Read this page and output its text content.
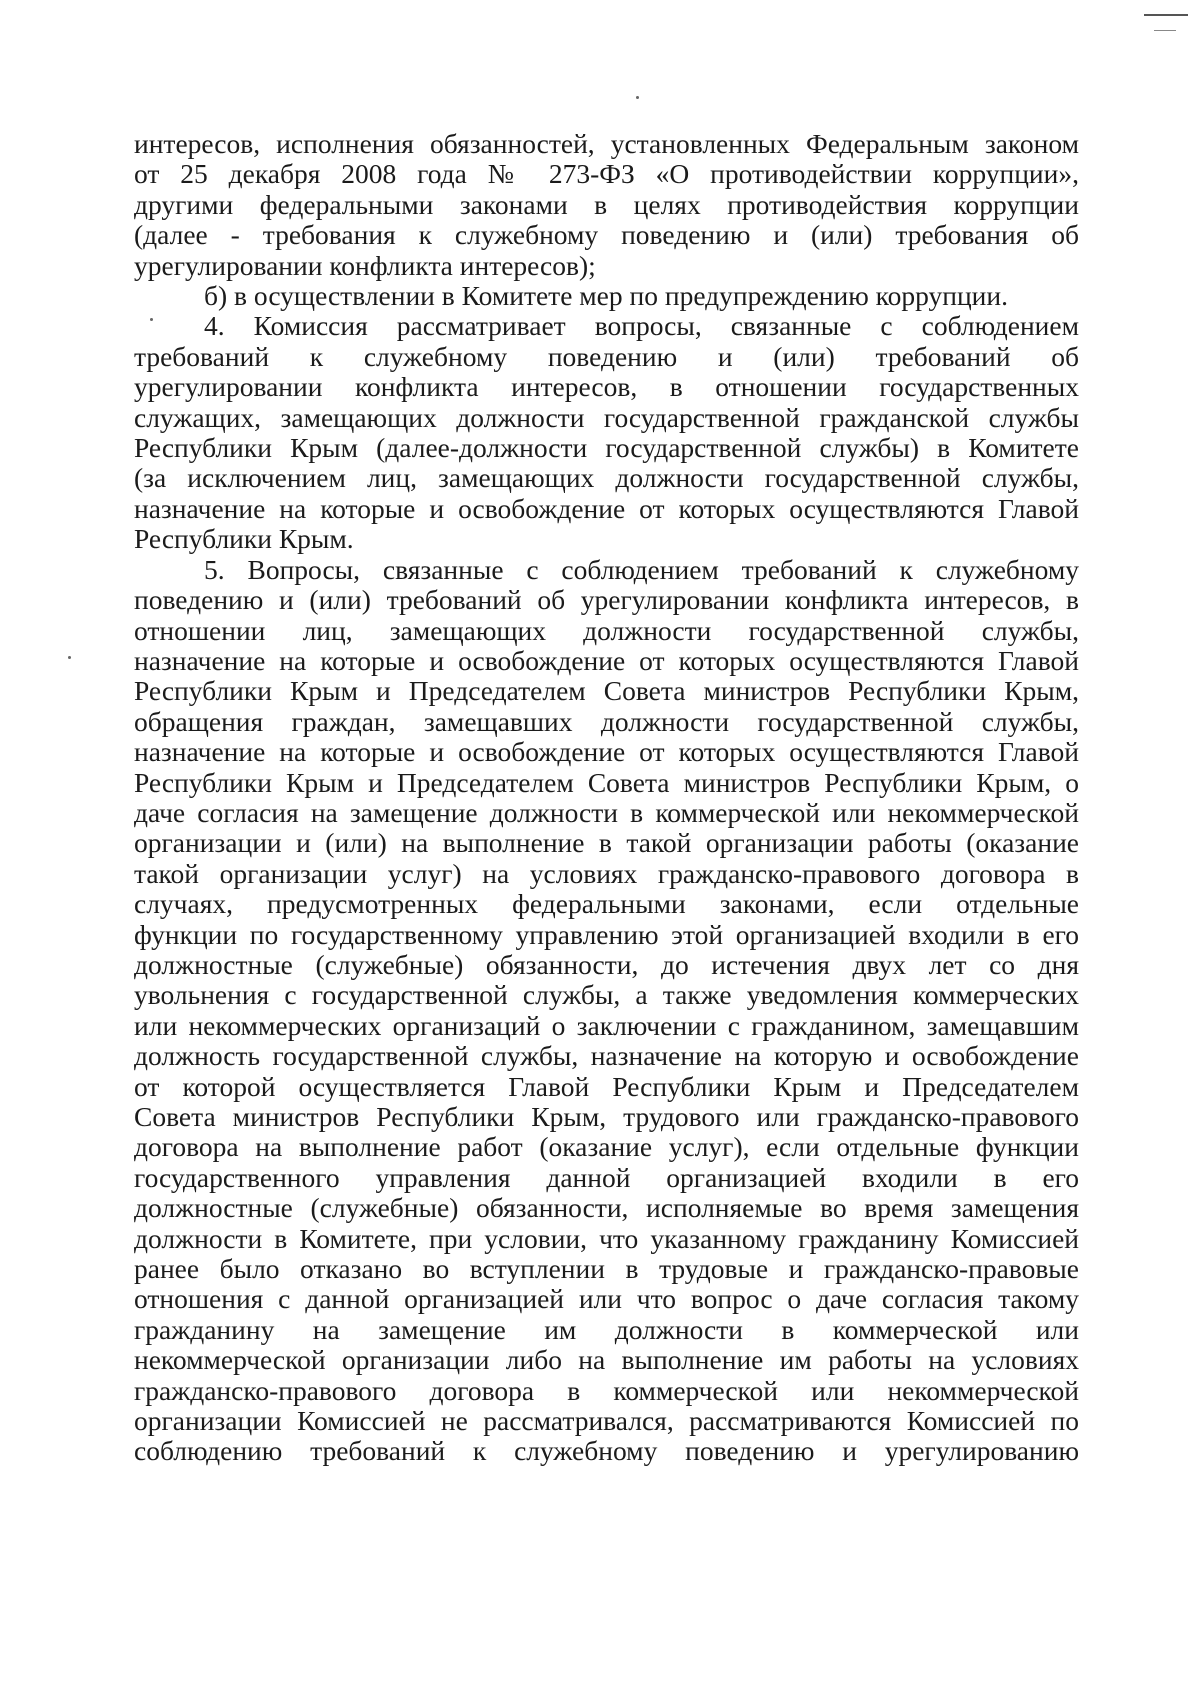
интересов, исполнения обязанностей, установленных Федеральным законом
от 25 декабря 2008 года № 273-ФЗ «О противодействии коррупции»,
другими федеральными законами в целях противодействия коррупции
(далее - требования к служебному поведению и (или) требования об
урегулировании конфликта интересов);
б) в осуществлении в Комитете мер по предупреждению коррупции.
4. Комиссия рассматривает вопросы, связанные с соблюдением
требований к служебному поведению и (или) требований об
урегулировании конфликта интересов, в отношении государственных
служащих, замещающих должности государственной гражданской службы
Республики Крым (далее-должности государственной службы) в Комитете
(за исключением лиц, замещающих должности государственной службы,
назначение на которые и освобождение от которых осуществляются Главой
Республики Крым.
5. Вопросы, связанные с соблюдением требований к служебному
поведению и (или) требований об урегулировании конфликта интересов, в
отношении лиц, замещающих должности государственной службы,
назначение на которые и освобождение от которых осуществляются Главой
Республики Крым и Председателем Совета министров Республики Крым,
обращения граждан, замещавших должности государственной службы,
назначение на которые и освобождение от которых осуществляются Главой
Республики Крым и Председателем Совета министров Республики Крым, о
даче согласия на замещение должности в коммерческой или некоммерческой
организации и (или) на выполнение в такой организации работы (оказание
такой организации услуг) на условиях гражданско-правового договора в
случаях, предусмотренных федеральными законами, если отдельные
функции по государственному управлению этой организацией входили в его
должностные (служебные) обязанности, до истечения двух лет со дня
увольнения с государственной службы, а также уведомления коммерческих
или некоммерческих организаций о заключении с гражданином, замещавшим
должность государственной службы, назначение на которую и освобождение
от которой осуществляется Главой Республики Крым и Председателем
Совета министров Республики Крым, трудового или гражданско-правового
договора на выполнение работ (оказание услуг), если отдельные функции
государственного управления данной организацией входили в его
должностные (служебные) обязанности, исполняемые во время замещения
должности в Комитете, при условии, что указанному гражданину Комиссией
ранее было отказано во вступлении в трудовые и гражданско-правовые
отношения с данной организацией или что вопрос о даче согласия такому
гражданину на замещение им должности в коммерческой или
некоммерческой организации либо на выполнение им работы на условиях
гражданско-правового договора в коммерческой или некоммерческой
организации Комиссией не рассматривался, рассматриваются Комиссией по
соблюдению требований к служебному поведению и урегулированию
